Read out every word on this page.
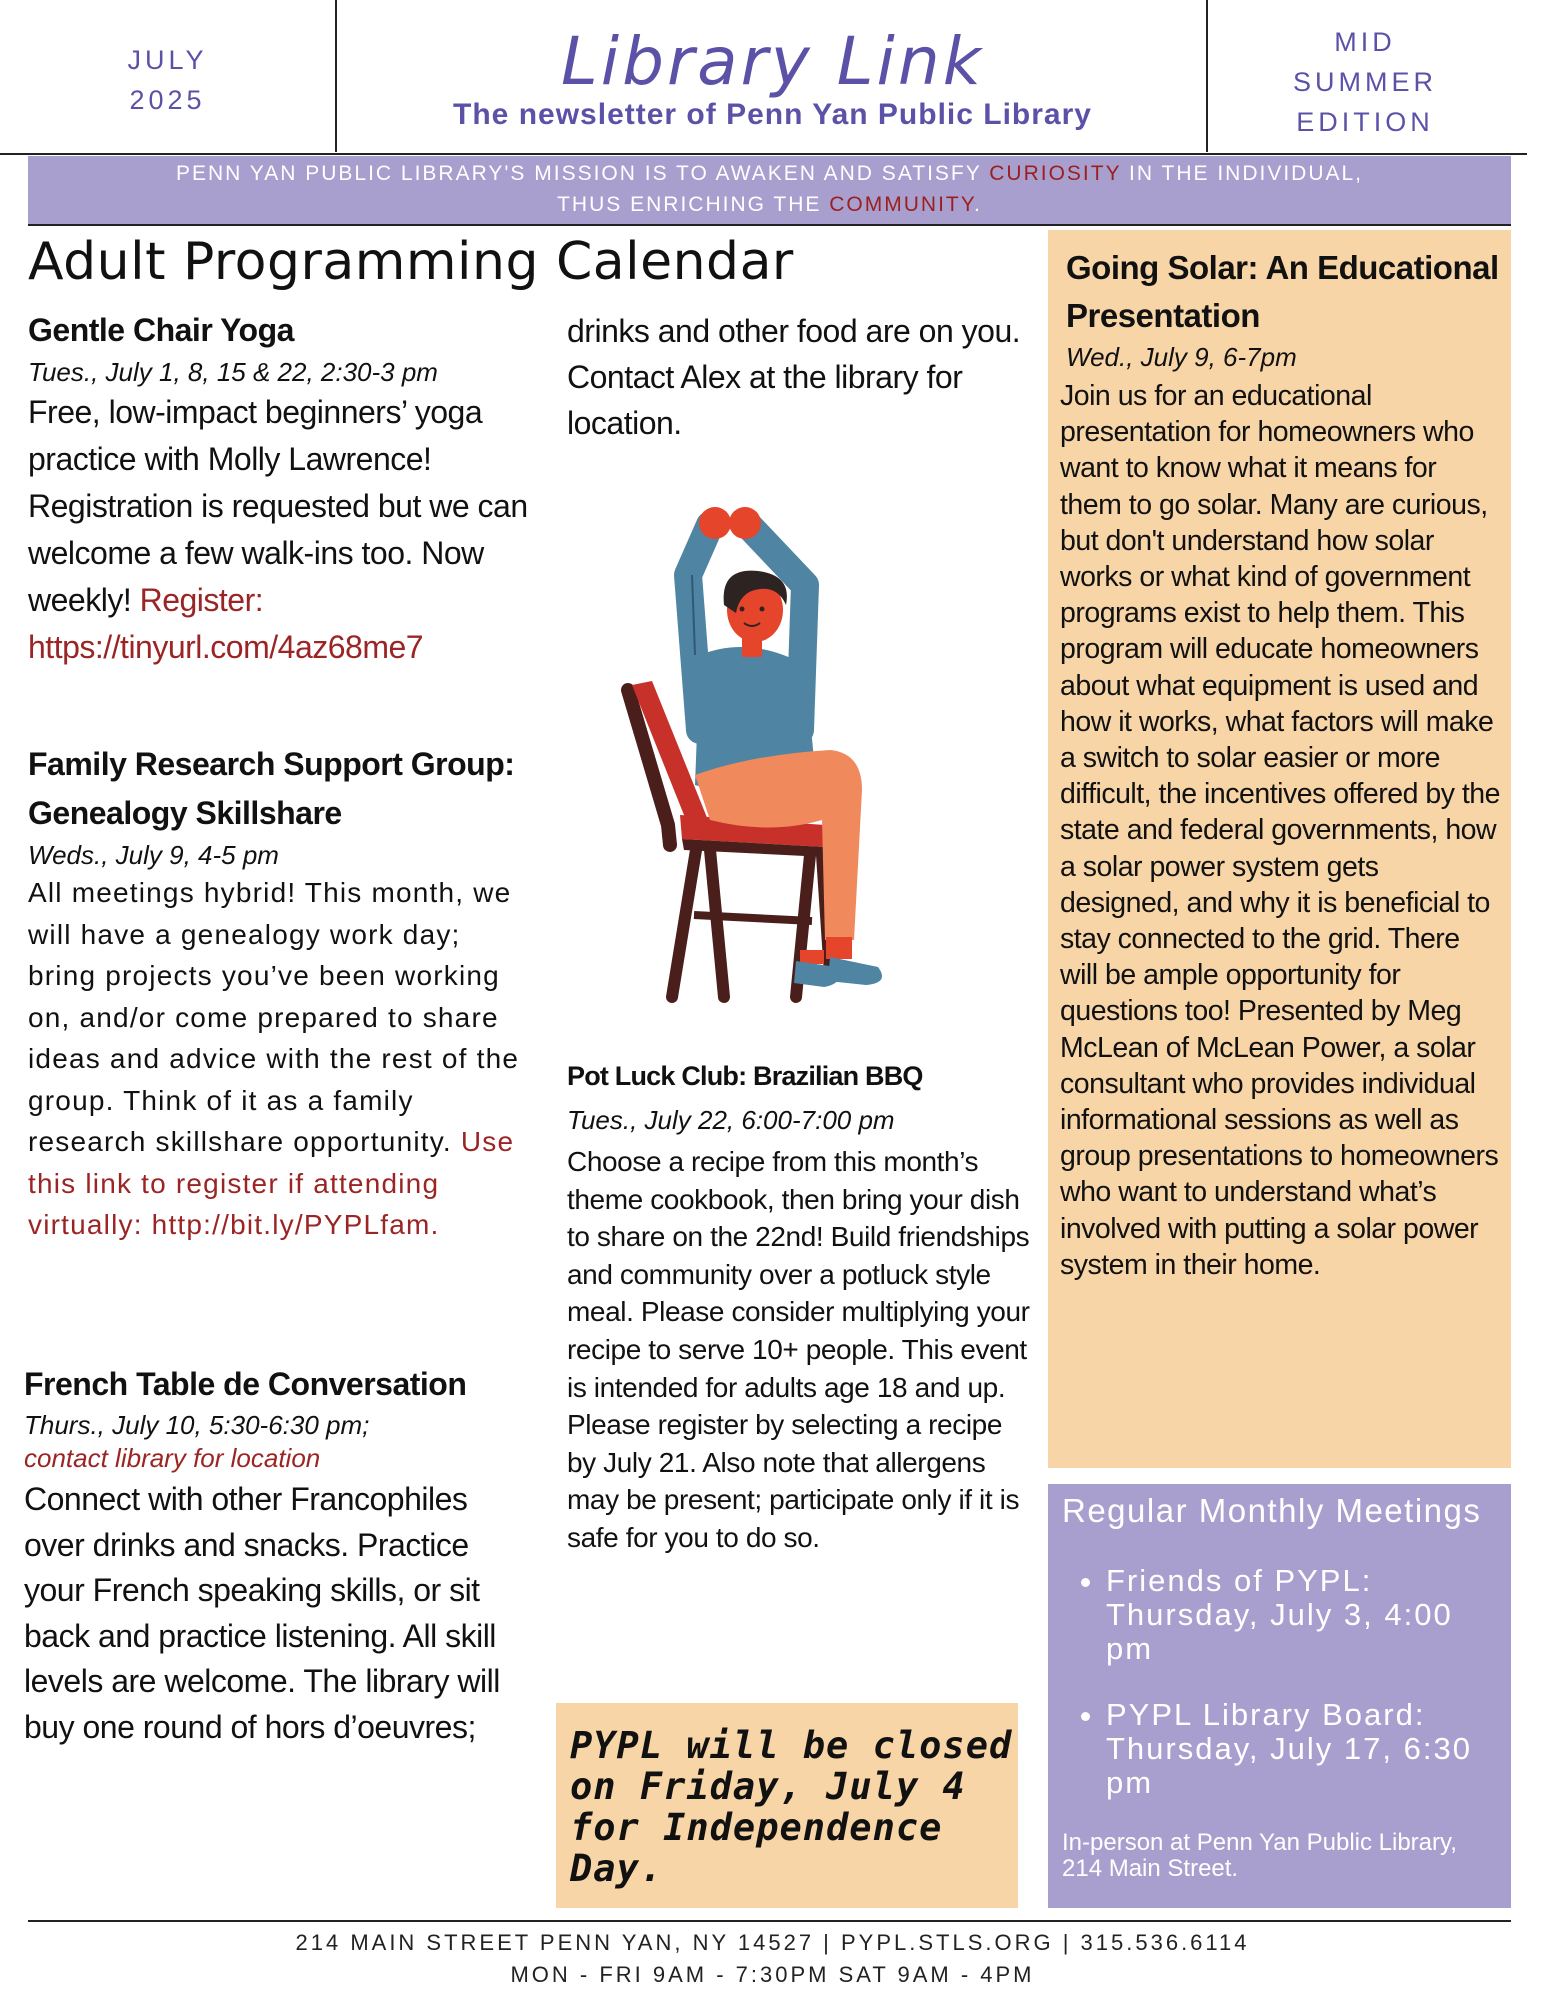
JULY
2025	Library Link
The newsletter of Penn Yan Public Library
MID
SUMMER
EDITION
PENN YAN PUBLIC LIBRARY'S MISSION IS TO AWAKEN AND SATISFY CURIOSITY IN THE INDIVIDUAL,
THUS ENRICHING THE COMMUNITY.
Adult Programming Calendar
Gentle Chair Yoga
Tues., July 1, 8, 15 & 22, 2:30-3 pm
Free, low-impact beginners’ yoga practice with Molly Lawrence! Registration is requested but we can welcome a few walk-ins too. Now weekly! Register: https://tinyurl.com/4az68me7
Family Research Support Group: Genealogy Skillshare
Weds., July 9, 4-5 pm
All meetings hybrid! This month, we will have a genealogy work day; bring projects you’ve been working on, and/or come prepared to share ideas and advice with the rest of the group. Think of it as a family research skillshare opportunity. Use this link to register if attending virtually: http://bit.ly/PYPLfam.
French Table de Conversation
Thurs., July 10, 5:30-6:30 pm;
contact library for location
Connect with other Francophiles over drinks and snacks. Practice your French speaking skills, or sit back and practice listening. All skill levels are welcome. The library will buy one round of hors d’oeuvres;
drinks and other food are on you. Contact Alex at the library for location.
Pot Luck Club: Brazilian BBQ
Tues., July 22, 6:00-7:00 pm
Choose a recipe from this month’s theme cookbook, then bring your dish to share on the 22nd! Build friendships and community over a potluck style meal. Please consider multiplying your recipe to serve 10+ people. This event is intended for adults age 18 and up. Please register by selecting a recipe by July 21. Also note that allergens may be present; participate only if it is safe for you to do so.
PYPL will be closed on Friday, July 4 for Independence Day.
Going Solar: An Educational Presentation
Wed., July 9, 6-7pm
Join us for an educational presentation for homeowners who want to know what it means for them to go solar. Many are curious, but don't understand how solar works or what kind of government programs exist to help them. This program will educate homeowners about what equipment is used and how it works, what factors will make a switch to solar easier or more difficult, the incentives offered by the state and federal governments, how a solar power system gets designed, and why it is beneficial to stay connected to the grid. There will be ample opportunity for questions too! Presented by Meg McLean of McLean Power, a solar consultant who provides individual informational sessions as well as group presentations to homeowners who want to understand what’s involved with putting a solar power system in their home.
Regular Monthly Meetings
• Friends of PYPL: Thursday, July 3, 4:00 pm
• PYPL Library Board: Thursday, July 17, 6:30 pm
In-person at Penn Yan Public Library, 214 Main Street.
214 MAIN STREET PENN YAN, NY 14527 | PYPL.STLS.ORG | 315.536.6114
MON - FRI 9AM - 7:30PM SAT 9AM - 4PM
